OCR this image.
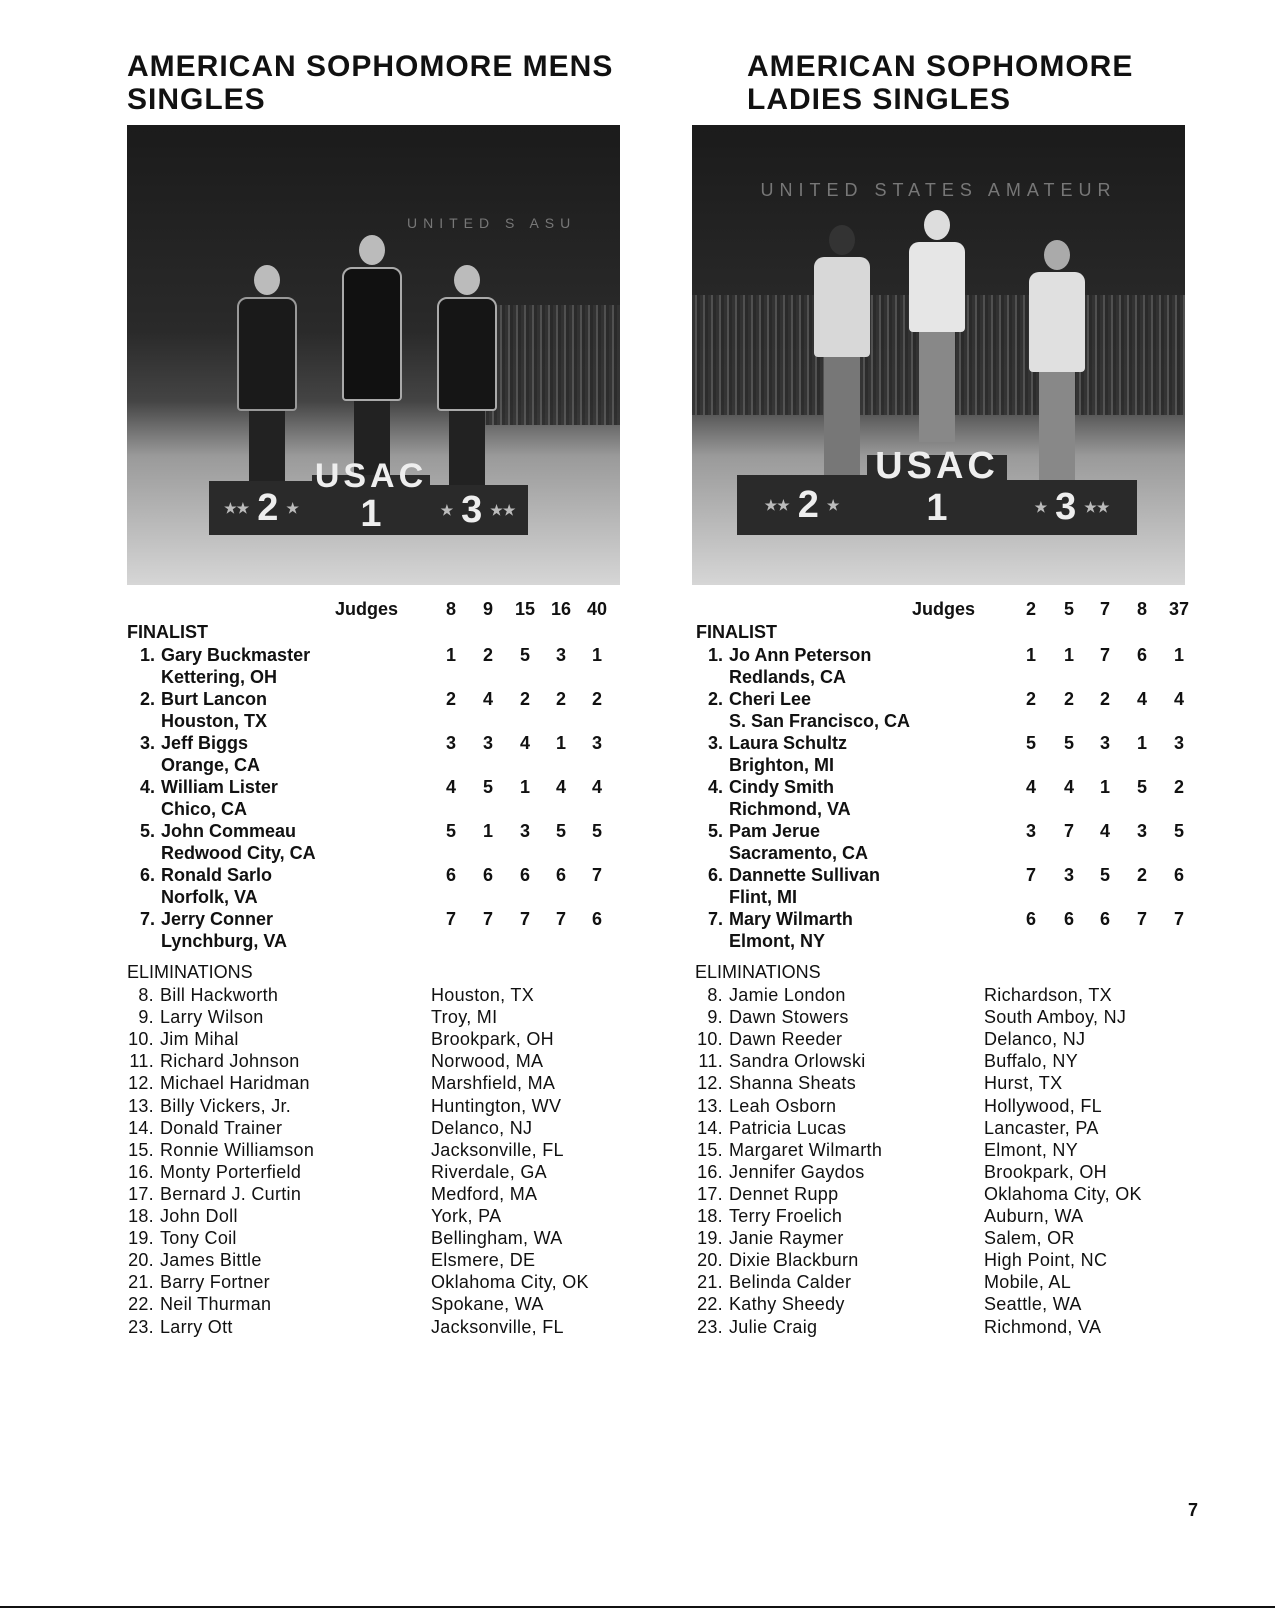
AMERICAN SOPHOMORE MENS
SINGLES
UNITED S ASU
★★ 2 ★
USAC
1	★ 3 ★★
Judges	8	9	15 16 40
FINALIST
1. Gary Buckmaster
Kettering, OH
1	2	5	3	1
2. Burt Lancon
Houston, TX
2	4	2	2	2
3. Jeff Biggs
Orange, CA
3	3	4	1	3
4. William Lister
Chico, CA
4	5	1	4	4
5. John Commeau
Redwood City, CA
5	1	3	5	5
6. Ronald Sarlo
Norfolk, VA
6	6	6	6	7
7. Jerry Conner
Lynchburg, VA
7	7	7	7	6
ELIMINATIONS
8. Bill Hackworth	Houston, TX
9. Larry Wilson	Troy, MI
10. Jim Mihal	Brookpark, OH
11. Richard Johnson	Norwood, MA
12. Michael Haridman	Marshfield, MA
13. Billy Vickers, Jr.	Huntington, WV
14. Donald Trainer	Delanco, NJ
15. Ronnie Williamson	Jacksonville, FL
16. Monty Porterfield	Riverdale, GA
17. Bernard J. Curtin	Medford, MA
18. John Doll	York, PA
19. Tony Coil	Bellingham, WA
20. James Bittle	Elsmere, DE
21. Barry Fortner	Oklahoma City, OK
22. Neil Thurman	Spokane, WA
23. Larry Ott	Jacksonville, FL
AMERICAN SOPHOMORE
LADIES SINGLES
UNITED STATES AMATEUR
★★ 2 ★
USAC
1	★ 3 ★★
Judges	2	5	7	8	37
FINALIST
1. Jo Ann Peterson
Redlands, CA
1	1	7	6	1
2. Cheri Lee
S. San Francisco, CA
2	2	2	4	4
3. Laura Schultz
Brighton, MI
5	5	3	1	3
4. Cindy Smith
Richmond, VA
4	4	1	5	2
5. Pam Jerue
Sacramento, CA
3	7	4	3	5
6. Dannette Sullivan
Flint, MI
7	3	5	2	6
7. Mary Wilmarth
Elmont, NY
6	6	6	7	7
ELIMINATIONS
8. Jamie London	Richardson, TX
9. Dawn Stowers	South Amboy, NJ
10. Dawn Reeder	Delanco, NJ
11. Sandra Orlowski	Buffalo, NY
12. Shanna Sheats	Hurst, TX
13. Leah Osborn	Hollywood, FL
14. Patricia Lucas	Lancaster, PA
15. Margaret Wilmarth	Elmont, NY
16. Jennifer Gaydos	Brookpark, OH
17. Dennet Rupp	Oklahoma City, OK
18. Terry Froelich	Auburn, WA
19. Janie Raymer	Salem, OR
20. Dixie Blackburn	High Point, NC
21. Belinda Calder	Mobile, AL
22. Kathy Sheedy	Seattle, WA
23. Julie Craig	Richmond, VA
7
